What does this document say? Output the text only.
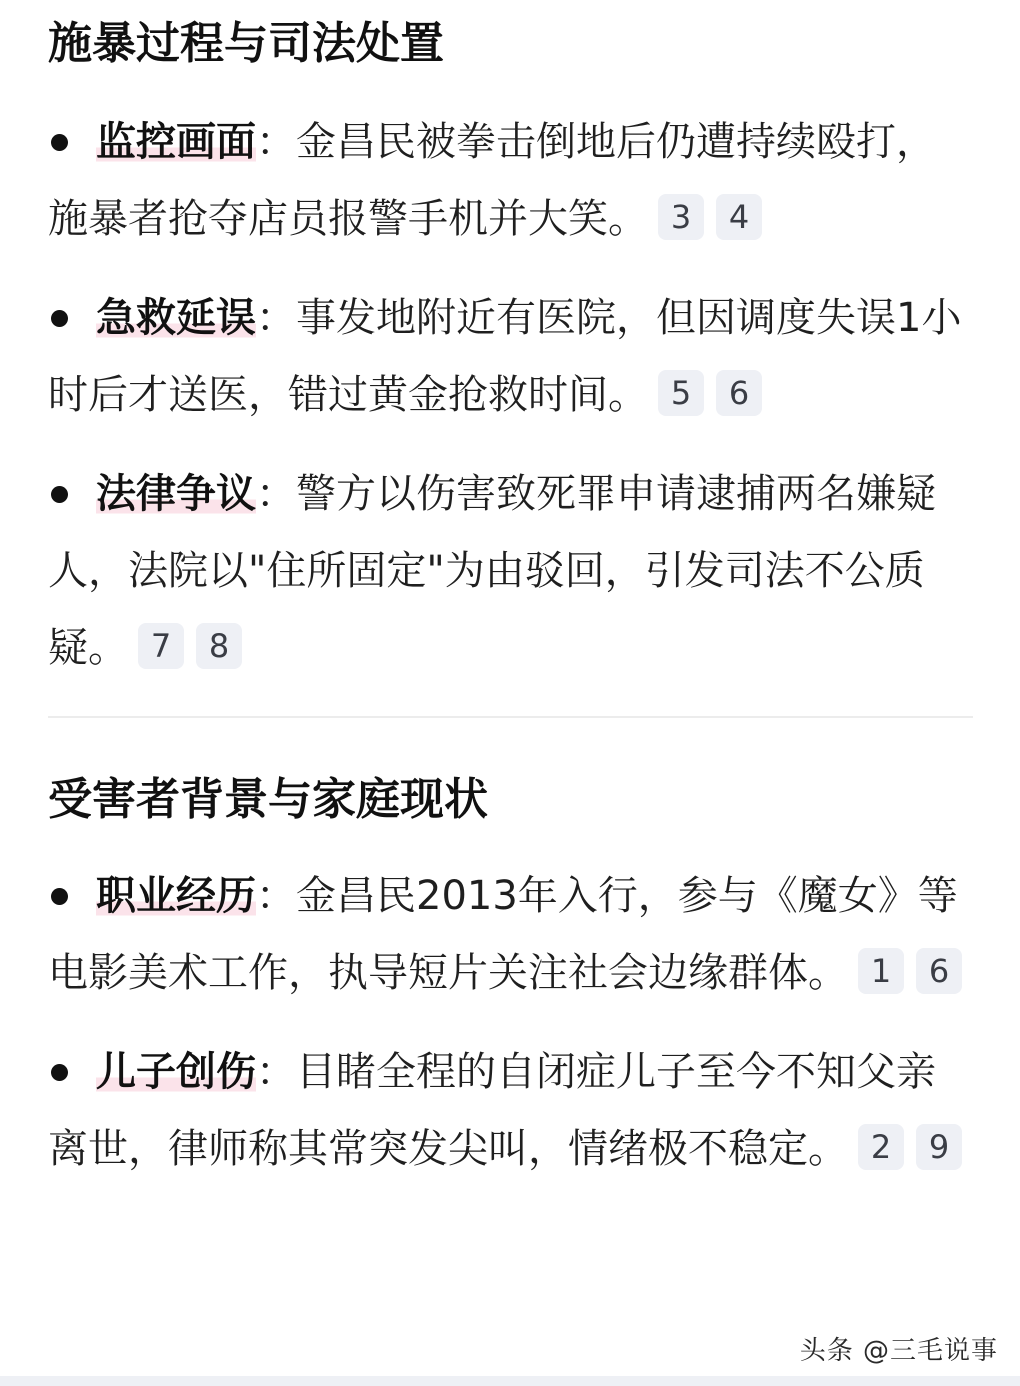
施暴过程与司法处置
监控画面：金昌民被拳击倒地后仍遭持续殴打，施暴者抢夺店员报警手机并大笑。 3 4
急救延误：事发地附近有医院，但因调度失误1小时后才送医，错过黄金抢救时间。 5 6
法律争议：警方以伤害致死罪申请逮捕两名嫌疑人，法院以"住所固定"为由驳回，引发司法不公质疑。 7 8
受害者背景与家庭现状
职业经历：金昌民2013年入行，参与《魔女》等电影美术工作，执导短片关注社会边缘群体。 1 6
儿子创伤：目睹全程的自闭症儿子至今不知父亲离世，律师称其常突发尖叫，情绪极不稳定。 2 9
头条 @三毛说事
